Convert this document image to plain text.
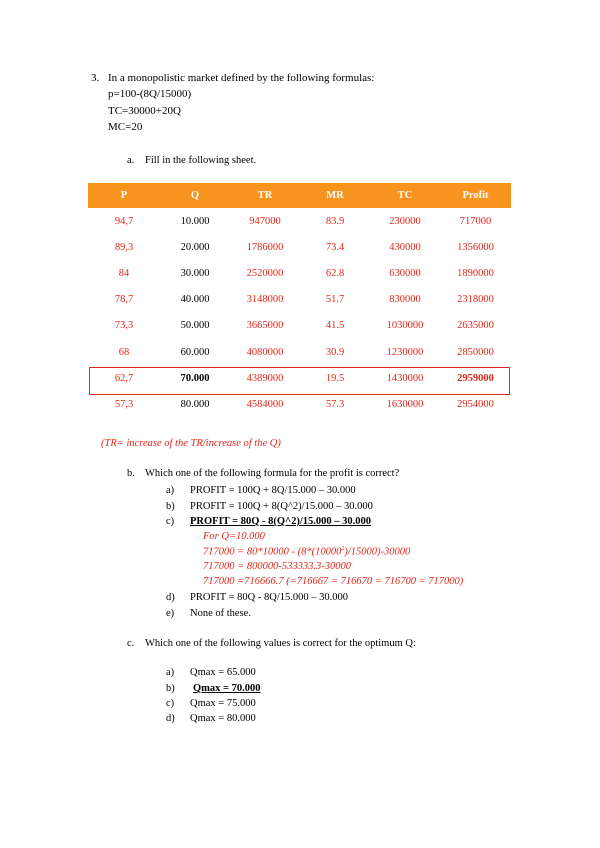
3. In a monopolistic market defined by the following formulas:
p=100-(8Q/15000)
TC=30000+20Q
MC=20
a. Fill in the following sheet.
P	Q	TR	MR	TC	Profit
94,7	10.000	947000	83.9	230000	717000
89,3	20.000	1786000	73.4	430000	1356000
84	30.000	2520000	62.8	630000	1890000
78,7	40.000	3148000	51.7	830000	2318000
73,3	50.000	3665000	41.5	1030000	2635000
68	60.000	4080000	30.9	1230000	2850000
62,7	70.000	4389000	19.5	1430000	2959000
57,3	80.000	4584000	57.3	1630000	2954000
(TR= increase of the TR/increase of the Q)
b. Which one of the following formula for the profit is correct?
a) PROFIT = 100Q + 8Q/15.000 – 30.000
b) PROFIT = 100Q + 8(Q^2)/15.000 – 30.000
c) PROFIT = 80Q - 8(Q^2)/15.000 – 30.000
For Q=10.000
717000 = 80*10000 - (8*(10000$^2$)/15000)-30000
717000 = 800000-533333.3-30000
717000 =716666.7 (=716667 = 716670 = 716700 = 717000)
d) PROFIT = 80Q - 8Q/15.000 – 30.000
e) None of these.
c. Which one of the following values is correct for the optimum Q:
a) Qmax = 65.000
b) Qmax = 70.000
c) Qmax = 75.000
d) Qmax = 80.000
